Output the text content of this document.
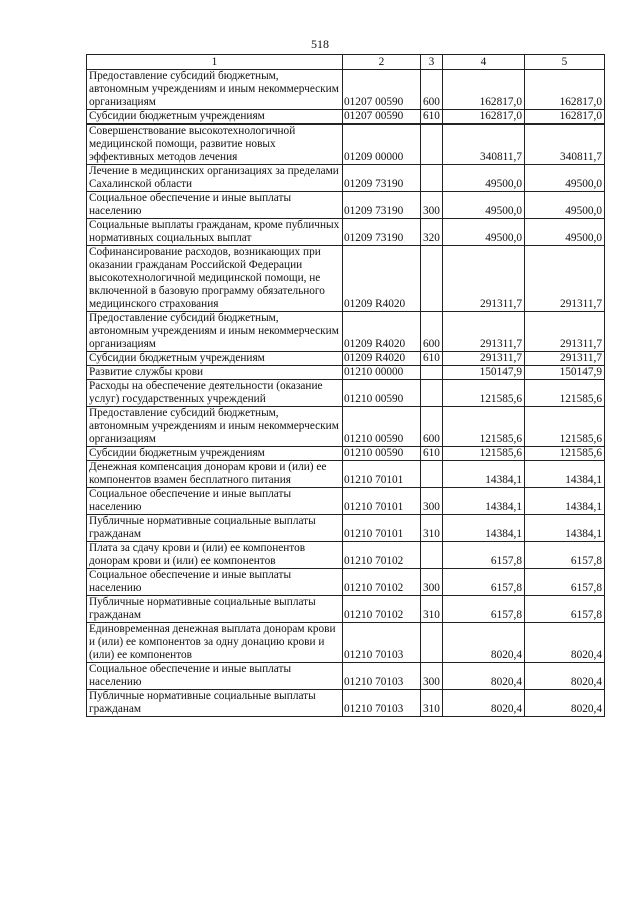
518
1	2	3	4	5
Предоставление субсидий бюджетным, автономным учреждениям и иным некоммерческим организациям	01207 00590	600	162817,0	162817,0
Субсидии бюджетным учреждениям	01207 00590	610	162817,0	162817,0
Совершенствование высокотехнологичной медицинской помощи, развитие новых эффективных методов лечения	01209 00000		340811,7	340811,7
Лечение в медицинских организациях за пределами Сахалинской области	01209 73190		49500,0	49500,0
Социальное обеспечение и иные выплаты населению	01209 73190	300	49500,0	49500,0
Социальные выплаты гражданам, кроме публичных нормативных социальных выплат	01209 73190	320	49500,0	49500,0
Софинансирование расходов, возникающих при оказании гражданам Российской Федерации высокотехнологичной медицинской помощи, не включенной в базовую программу обязательного медицинского страхования	01209 R4020		291311,7	291311,7
Предоставление субсидий бюджетным, автономным учреждениям и иным некоммерческим организациям	01209 R4020	600	291311,7	291311,7
Субсидии бюджетным учреждениям	01209 R4020	610	291311,7	291311,7
Развитие службы крови	01210 00000		150147,9	150147,9
Расходы на обеспечение деятельности (оказание услуг) государственных учреждений	01210 00590		121585,6	121585,6
Предоставление субсидий бюджетным, автономным учреждениям и иным некоммерческим организациям	01210 00590	600	121585,6	121585,6
Субсидии бюджетным учреждениям	01210 00590	610	121585,6	121585,6
Денежная компенсация донорам крови и (или) ее компонентов взамен бесплатного питания	01210 70101		14384,1	14384,1
Социальное обеспечение и иные выплаты населению	01210 70101	300	14384,1	14384,1
Публичные нормативные социальные выплаты гражданам	01210 70101	310	14384,1	14384,1
Плата за сдачу крови и (или) ее компонентов донорам крови и (или) ее компонентов	01210 70102		6157,8	6157,8
Социальное обеспечение и иные выплаты населению	01210 70102	300	6157,8	6157,8
Публичные нормативные социальные выплаты гражданам	01210 70102	310	6157,8	6157,8
Единовременная денежная выплата донорам крови и (или) ее компонентов за одну донацию крови и (или) ее компонентов	01210 70103		8020,4	8020,4
Социальное обеспечение и иные выплаты населению	01210 70103	300	8020,4	8020,4
Публичные нормативные социальные выплаты гражданам	01210 70103	310	8020,4	8020,4
